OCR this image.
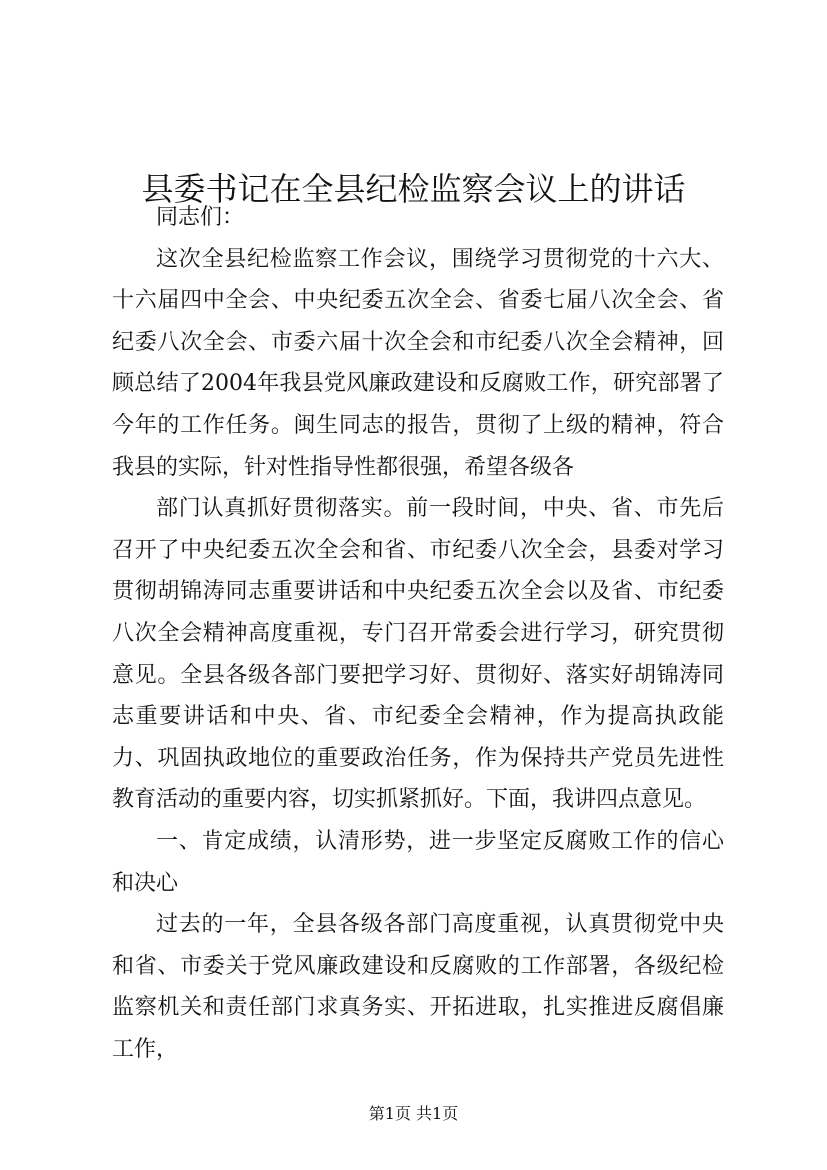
县委书记在全县纪检监察会议上的讲话

同志们：

这次全县纪检监察工作会议，围绕学习贯彻党的十六大、十六届四中全会、中央纪委五次全会、省委七届八次全会、省纪委八次全会、市委六届十次全会和市纪委八次全会精神，回顾总结了2004年我县党风廉政建设和反腐败工作，研究部署了今年的工作任务。闽生同志的报告，贯彻了上级的精神，符合我县的实际，针对性指导性都很强，希望各级各

部门认真抓好贯彻落实。前一段时间，中央、省、市先后召开了中央纪委五次全会和省、市纪委八次全会，县委对学习贯彻胡锦涛同志重要讲话和中央纪委五次全会以及省、市纪委八次全会精神高度重视，专门召开常委会进行学习，研究贯彻意见。全县各级各部门要把学习好、贯彻好、落实好胡锦涛同志重要讲话和中央、省、市纪委全会精神，作为提高执政能力、巩固执政地位的重要政治任务，作为保持共产党员先进性教育活动的重要内容，切实抓紧抓好。下面，我讲四点意见。

一、肯定成绩，认清形势，进一步坚定反腐败工作的信心和决心

过去的一年，全县各级各部门高度重视，认真贯彻党中央和省、市委关于党风廉政建设和反腐败的工作部署，各级纪检监察机关和责任部门求真务实、开拓进取，扎实推进反腐倡廉工作，

第1页 共1页
